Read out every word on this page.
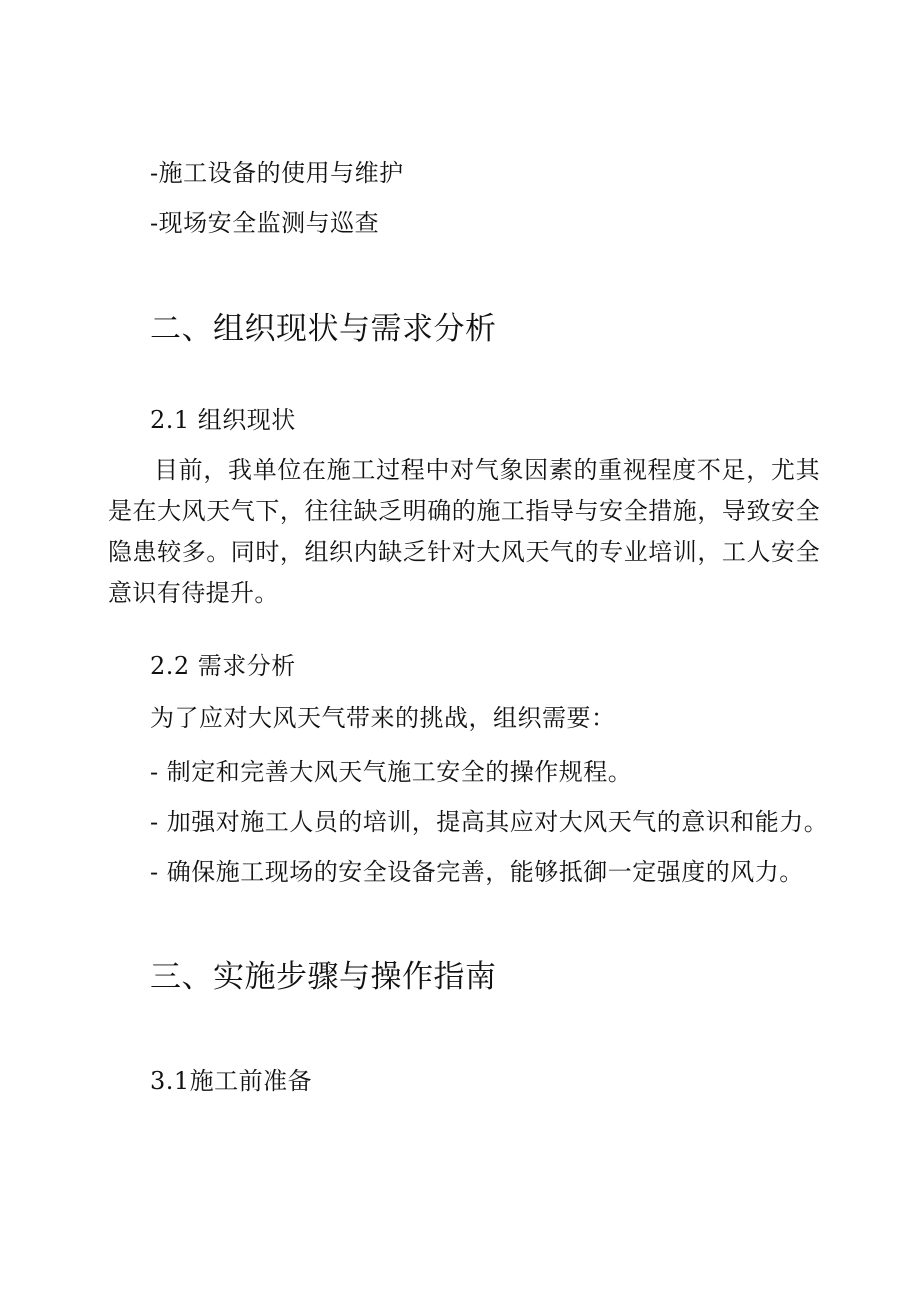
-施工设备的使用与维护
-现场安全监测与巡查
二、组织现状与需求分析
2.1 组织现状
目前，我单位在施工过程中对气象因素的重视程度不足，尤其是在大风天气下，往往缺乏明确的施工指导与安全措施，导致安全隐患较多。同时，组织内缺乏针对大风天气的专业培训，工人安全意识有待提升。
2.2 需求分析
为了应对大风天气带来的挑战，组织需要：
- 制定和完善大风天气施工安全的操作规程。
- 加强对施工人员的培训，提高其应对大风天气的意识和能力。
- 确保施工现场的安全设备完善，能够抵御一定强度的风力。
三、实施步骤与操作指南
3.1施工前准备
